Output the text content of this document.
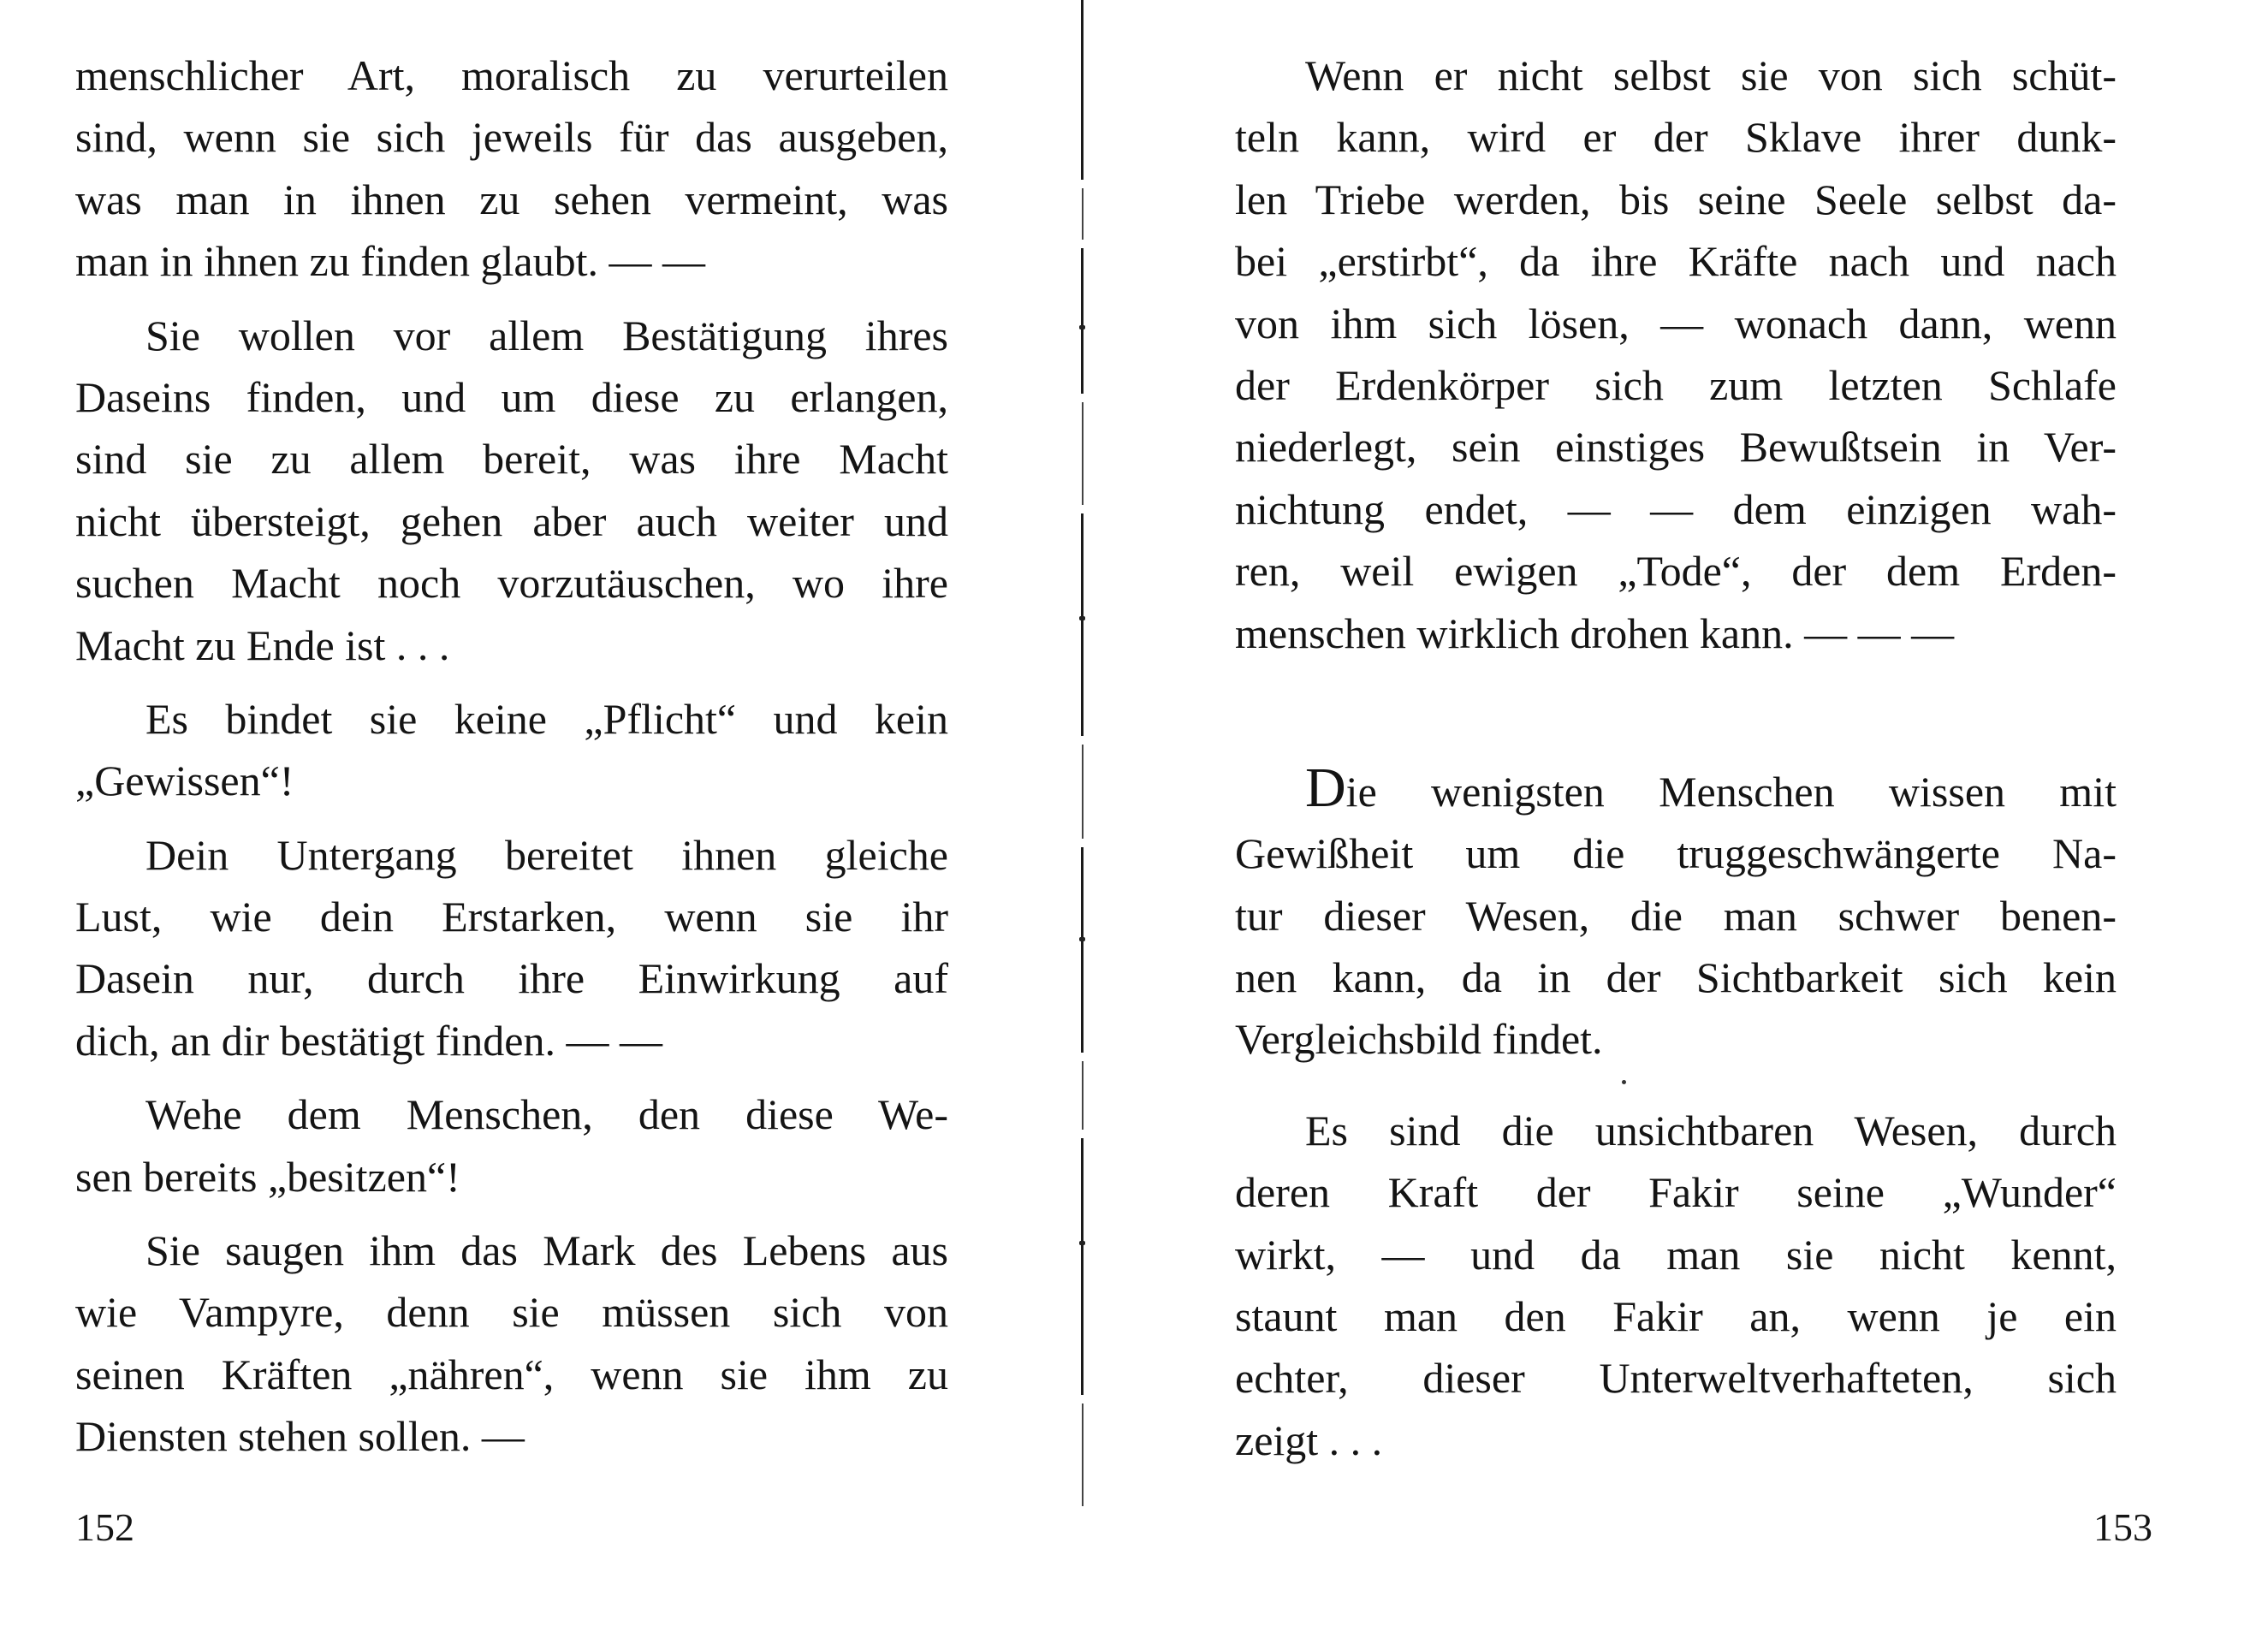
menschlicher Art, moralisch zu verurteilen
sind, wenn sie sich jeweils für das ausgeben,
was man in ihnen zu sehen vermeint, was
man in ihnen zu finden glaubt. — —
Sie wollen vor allem Bestätigung ihres
Daseins finden, und um diese zu erlangen,
sind sie zu allem bereit, was ihre Macht
nicht übersteigt, gehen aber auch weiter und
suchen Macht noch vorzutäuschen, wo ihre
Macht zu Ende ist . . .
Es bindet sie keine „Pflicht“ und kein
„Gewissen“!
Dein Untergang bereitet ihnen gleiche
Lust, wie dein Erstarken, wenn sie ihr
Dasein nur, durch ihre Einwirkung auf
dich, an dir bestätigt finden. — —
Wehe dem Menschen, den diese We-
sen bereits „besitzen“!
Sie saugen ihm das Mark des Lebens aus
wie Vampyre, denn sie müssen sich von
seinen Kräften „nähren“, wenn sie ihm zu
Diensten stehen sollen. —
152
Wenn er nicht selbst sie von sich schüt-
teln kann, wird er der Sklave ihrer dunk-
len Triebe werden, bis seine Seele selbst da-
bei „erstirbt“, da ihre Kräfte nach und nach
von ihm sich lösen, — wonach dann, wenn
der Erdenkörper sich zum letzten Schlafe
niederlegt, sein einstiges Bewußtsein in Ver-
nichtung endet, — — dem einzigen wah-
ren, weil ewigen „Tode“, der dem Erden-
menschen wirklich drohen kann. — — —
Die wenigsten Menschen wissen mit
Gewißheit um die truggeschwängerte Na-
tur dieser Wesen, die man schwer benen-
nen kann, da in der Sichtbarkeit sich kein
Vergleichsbild findet.
Es sind die unsichtbaren Wesen, durch
deren Kraft der Fakir seine „Wunder“
wirkt, — und da man sie nicht kennt,
staunt man den Fakir an, wenn je ein
echter, dieser Unterweltverhafteten, sich
zeigt . . .
153
